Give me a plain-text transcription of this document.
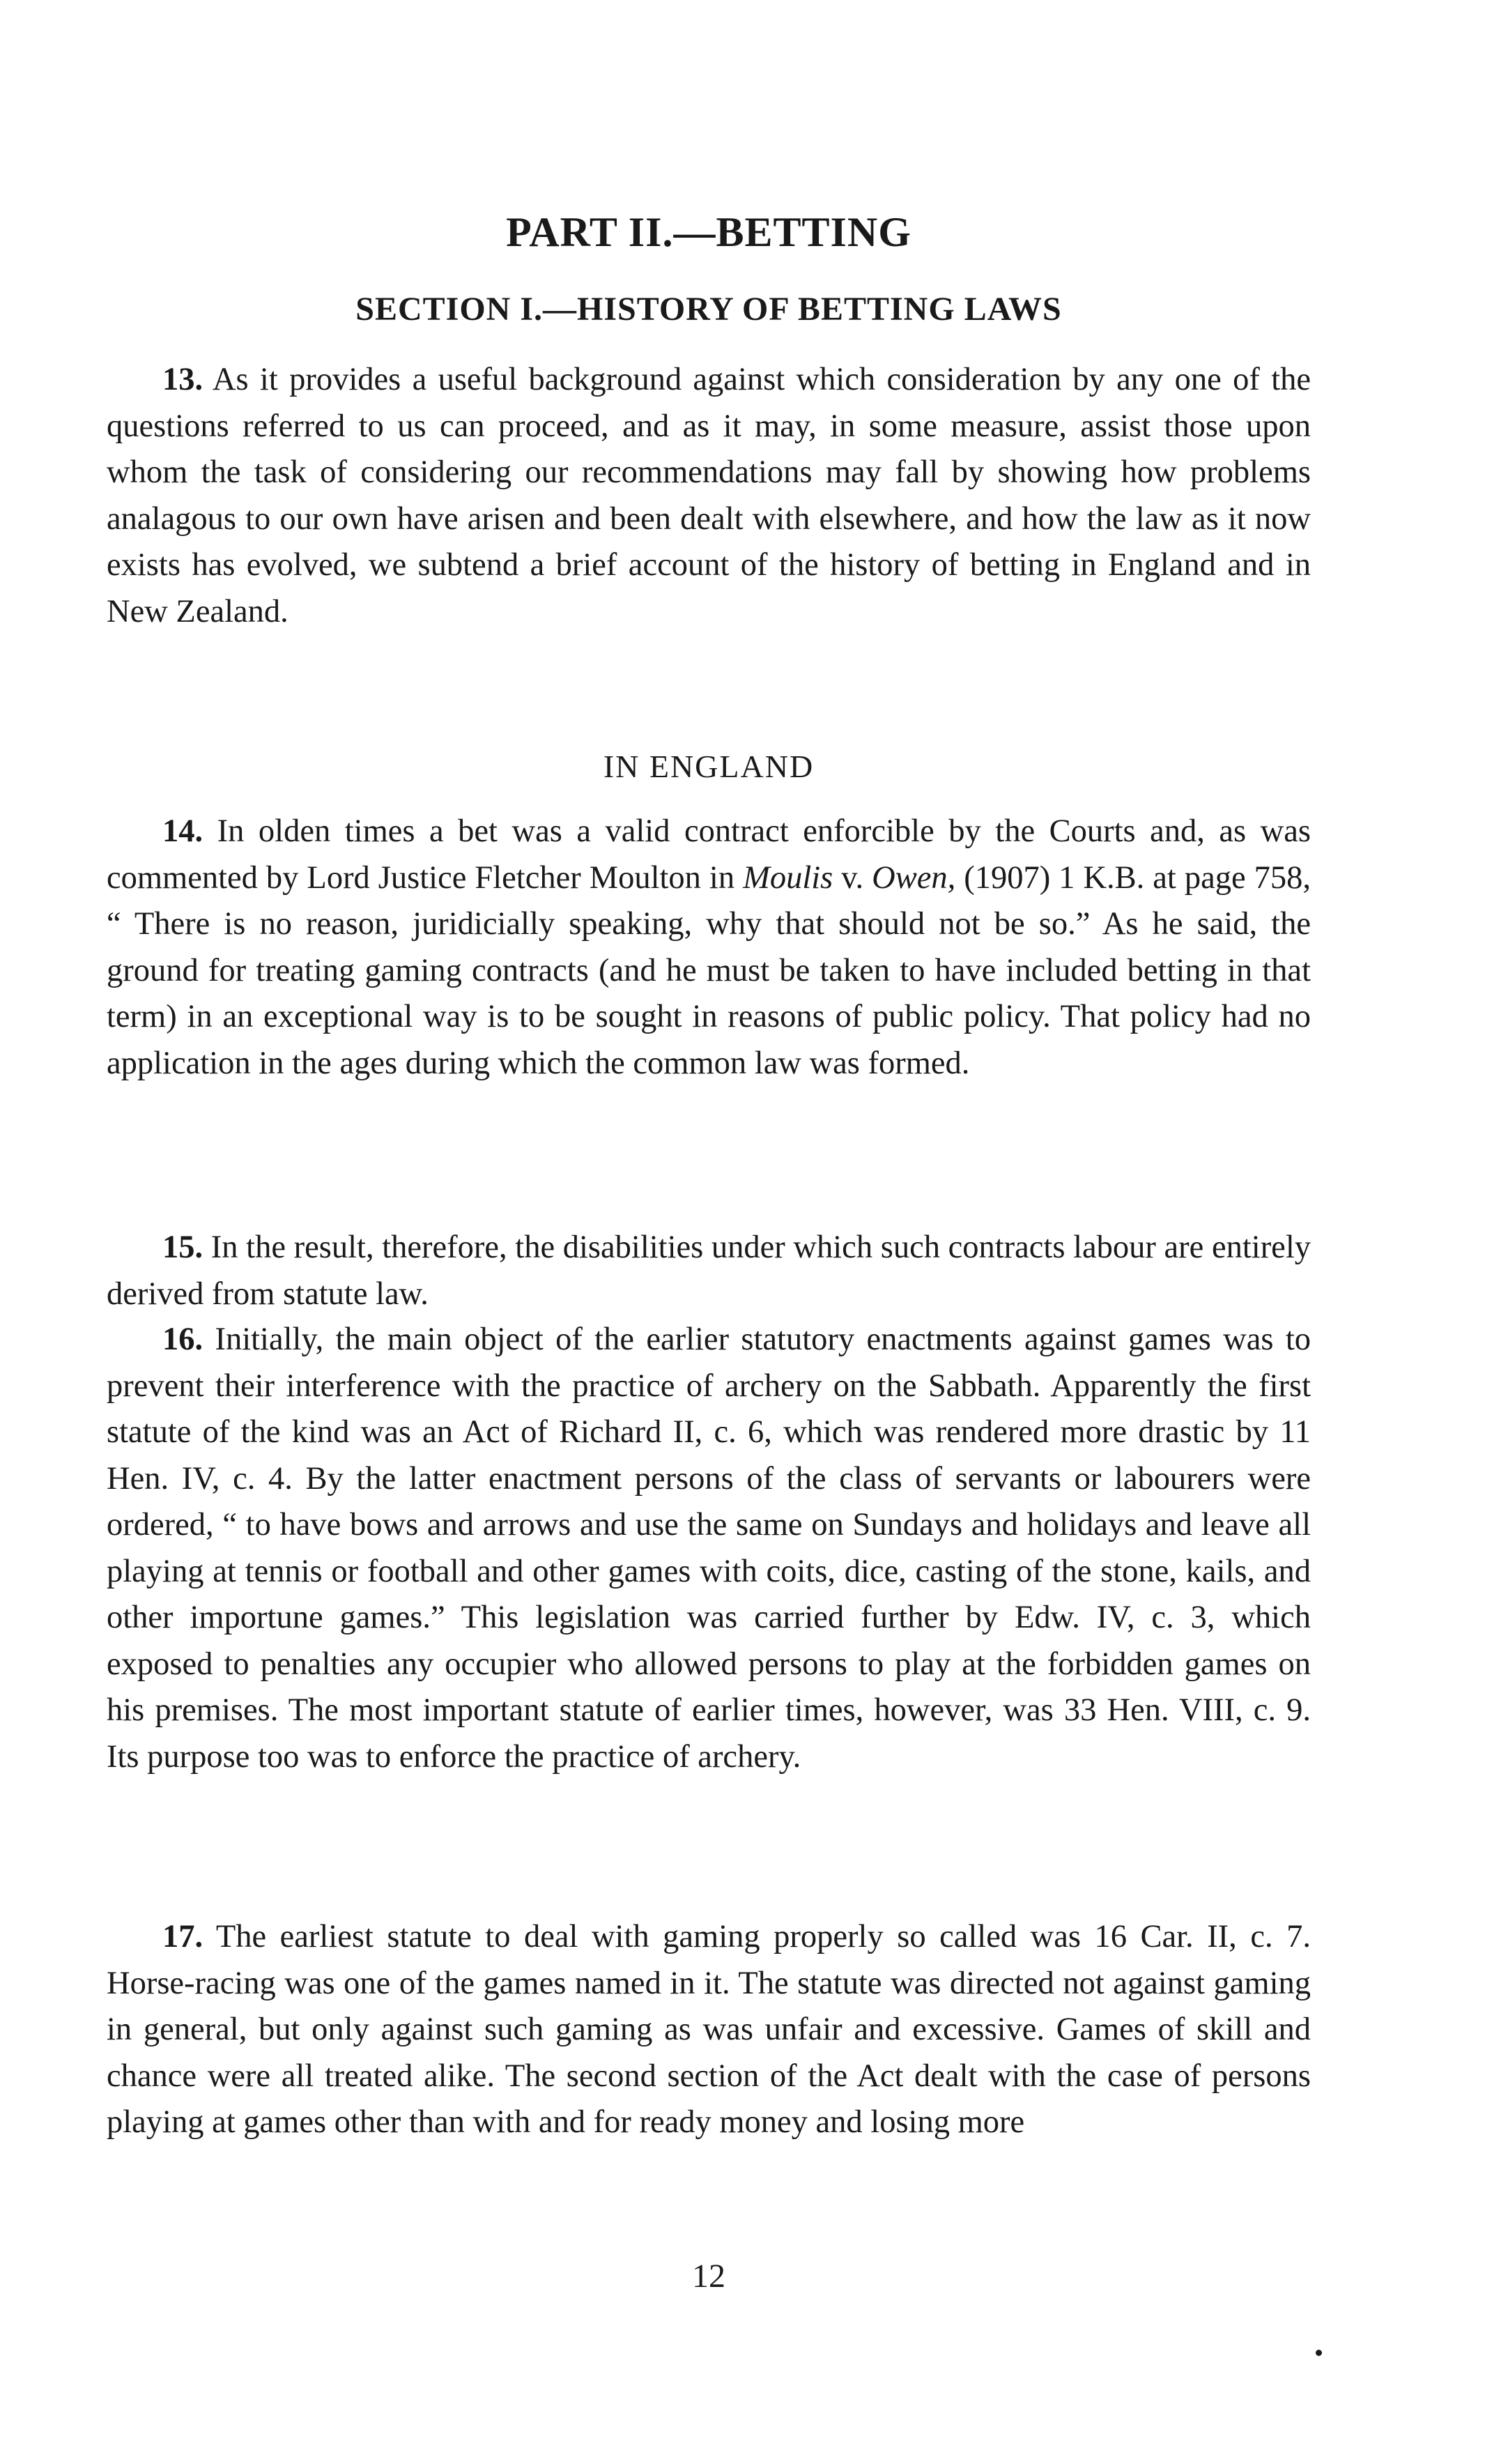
PART II.—BETTING
SECTION I.—HISTORY OF BETTING LAWS

13. As it provides a useful background against which consideration by any one of the questions referred to us can proceed, and as it may, in some measure, assist those upon whom the task of considering our recommendations may fall by showing how problems analagous to our own have arisen and been dealt with elsewhere, and how the law as it now exists has evolved, we subtend a brief account of the history of betting in England and in New Zealand.

IN ENGLAND

14. In olden times a bet was a valid contract enforcible by the Courts and, as was commented by Lord Justice Fletcher Moulton in Moulis v. Owen, (1907) 1 K.B. at page 758, “ There is no reason, juridicially speaking, why that should not be so.” As he said, the ground for treating gaming contracts (and he must be taken to have included betting in that term) in an exceptional way is to be sought in reasons of public policy. That policy had no application in the ages during which the common law was formed.

15. In the result, therefore, the disabilities under which such contracts labour are entirely derived from statute law.

16. Initially, the main object of the earlier statutory enactments against games was to prevent their interference with the practice of archery on the Sabbath. Apparently the first statute of the kind was an Act of Richard II, c. 6, which was rendered more drastic by 11 Hen. IV, c. 4. By the latter enactment persons of the class of servants or labourers were ordered, “ to have bows and arrows and use the same on Sundays and holidays and leave all playing at tennis or football and other games with coits, dice, casting of the stone, kails, and other importune games.” This legislation was carried further by Edw. IV, c. 3, which exposed to penalties any occupier who allowed persons to play at the forbidden games on his premises. The most important statute of earlier times, however, was 33 Hen. VIII, c. 9. Its purpose too was to enforce the practice of archery.

17. The earliest statute to deal with gaming properly so called was 16 Car. II, c. 7. Horse-racing was one of the games named in it. The statute was directed not against gaming in general, but only against such gaming as was unfair and excessive. Games of skill and chance were all treated alike. The second section of the Act dealt with the case of persons playing at games other than with and for ready money and losing more

12
